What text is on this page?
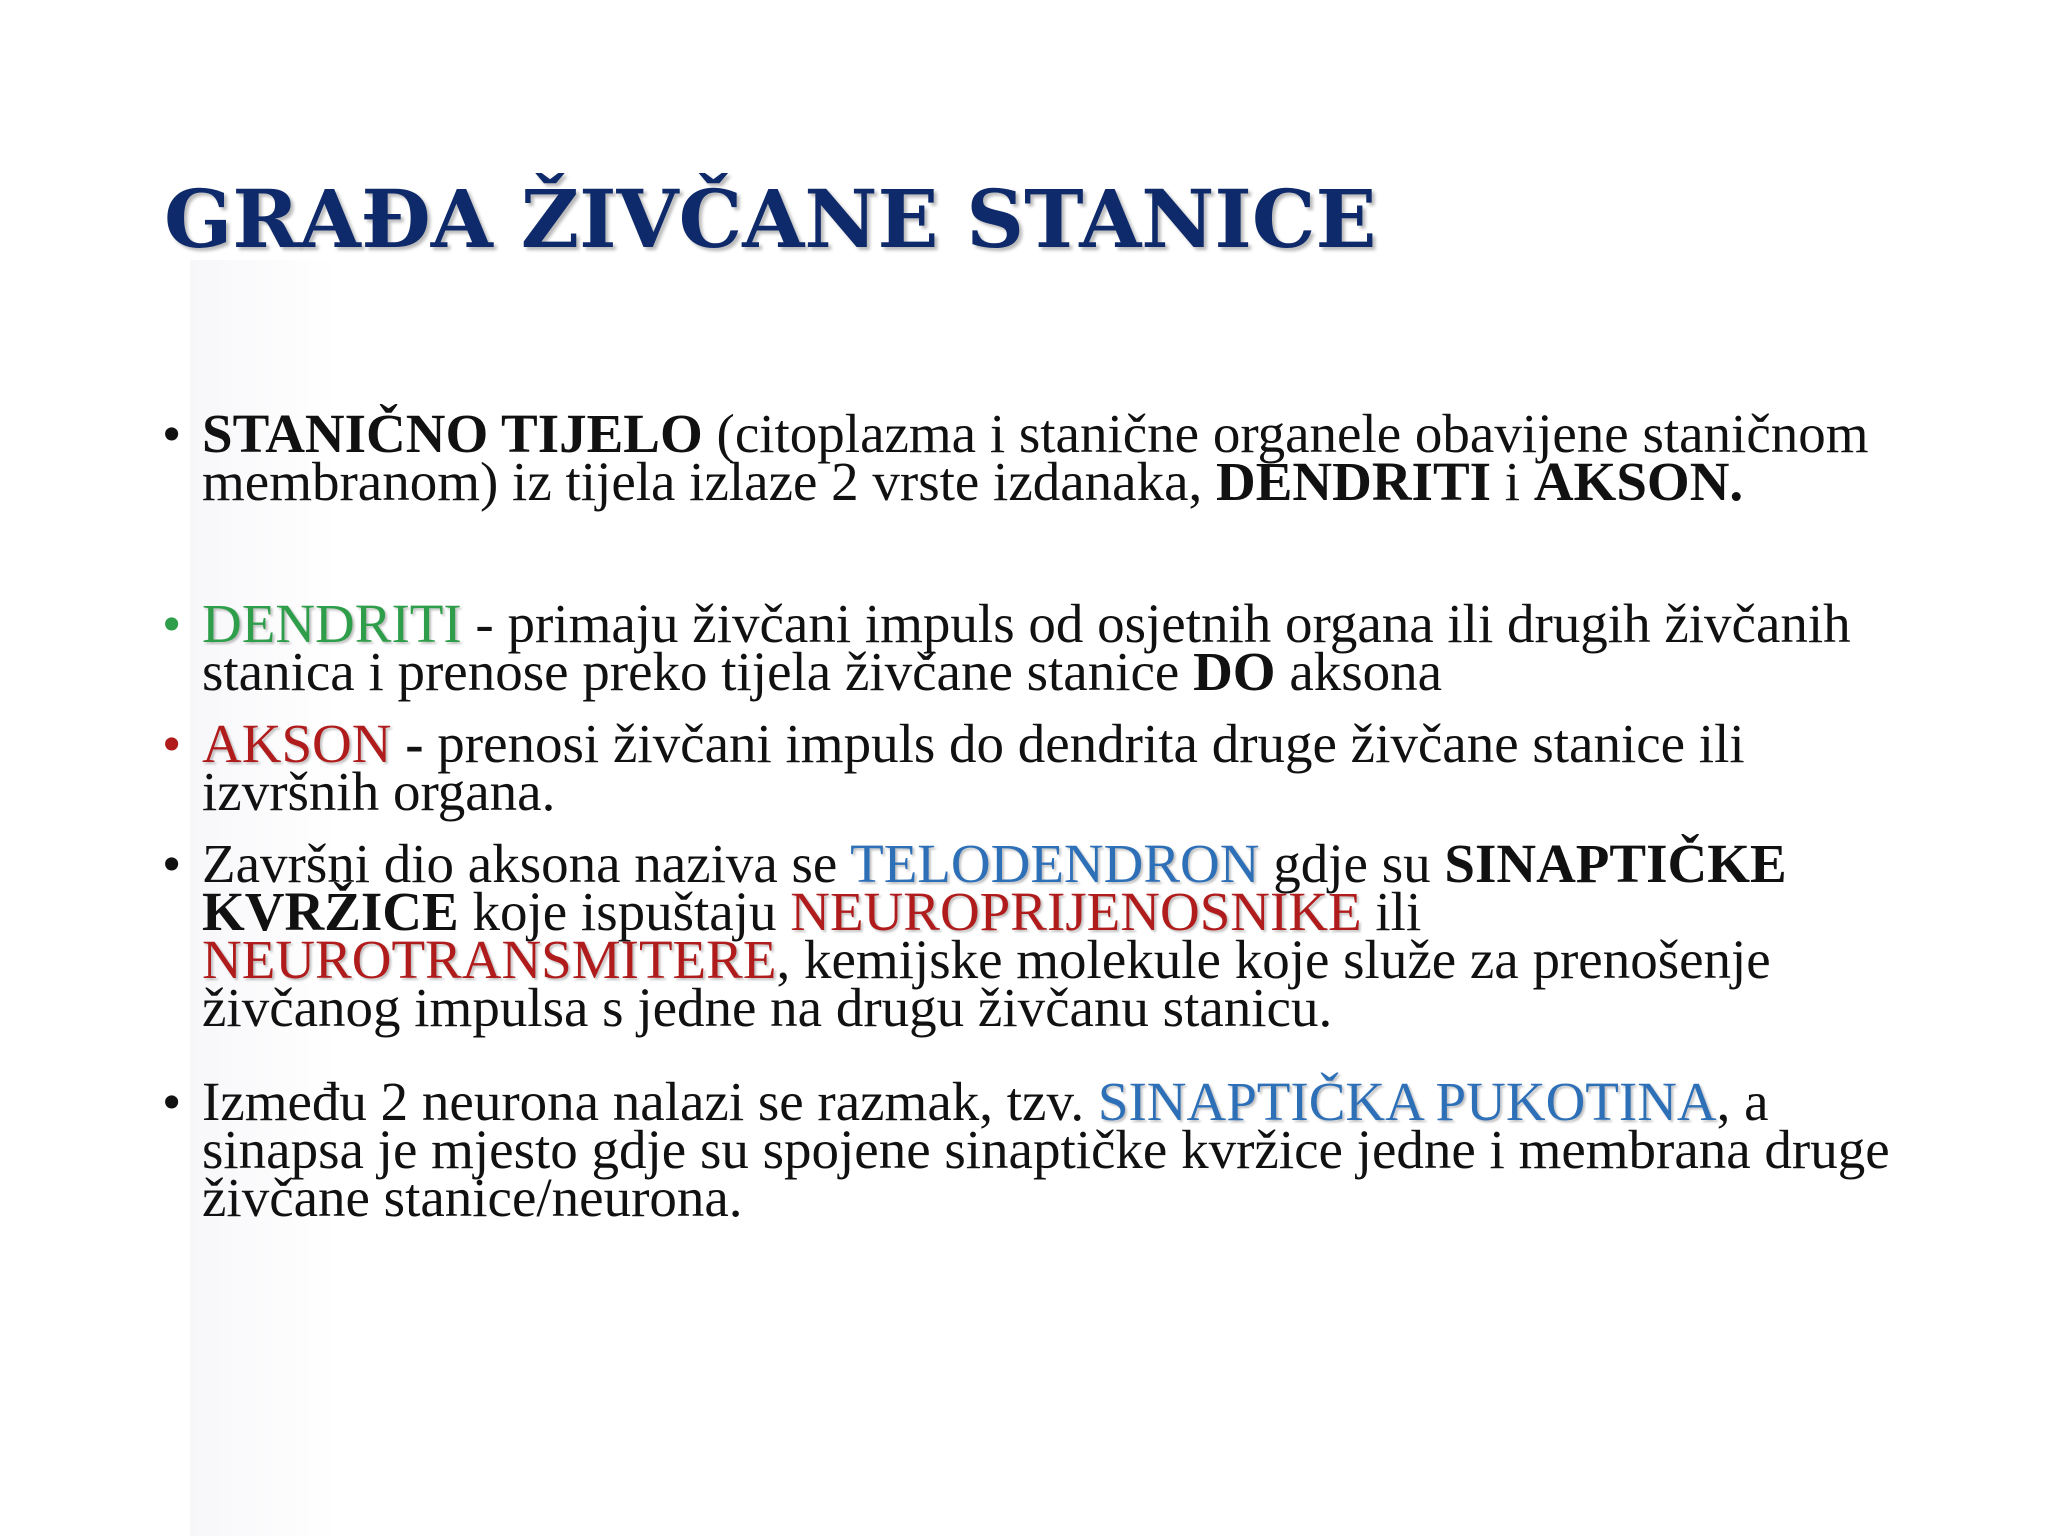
GRAĐA ŽIVČANE STANICE
• STANIČNO TIJELO (citoplazma i stanične organele obavijene staničnom membranom) iz tijela izlaze 2 vrste izdanaka, DENDRITI i AKSON.
• DENDRITI - primaju živčani impuls od osjetnih organa ili drugih živčanih stanica i prenose preko tijela živčane stanice DO aksona
• AKSON - prenosi živčani impuls do dendrita druge živčane stanice ili izvršnih organa.
• Završni dio aksona naziva se TELODENDRON gdje su SINAPTIČKE KVRŽICE koje ispuštaju NEUROPRIJENOSNIKE ili NEUROTRANSMITERE, kemijske molekule koje služe za prenošenje živčanog impulsa s jedne na drugu živčanu stanicu.
• Između 2 neurona nalazi se razmak, tzv. SINAPTIČKA PUKOTINA, a sinapsa je mjesto gdje su spojene sinaptičke kvržice jedne i membrana druge živčane stanice/neurona.
